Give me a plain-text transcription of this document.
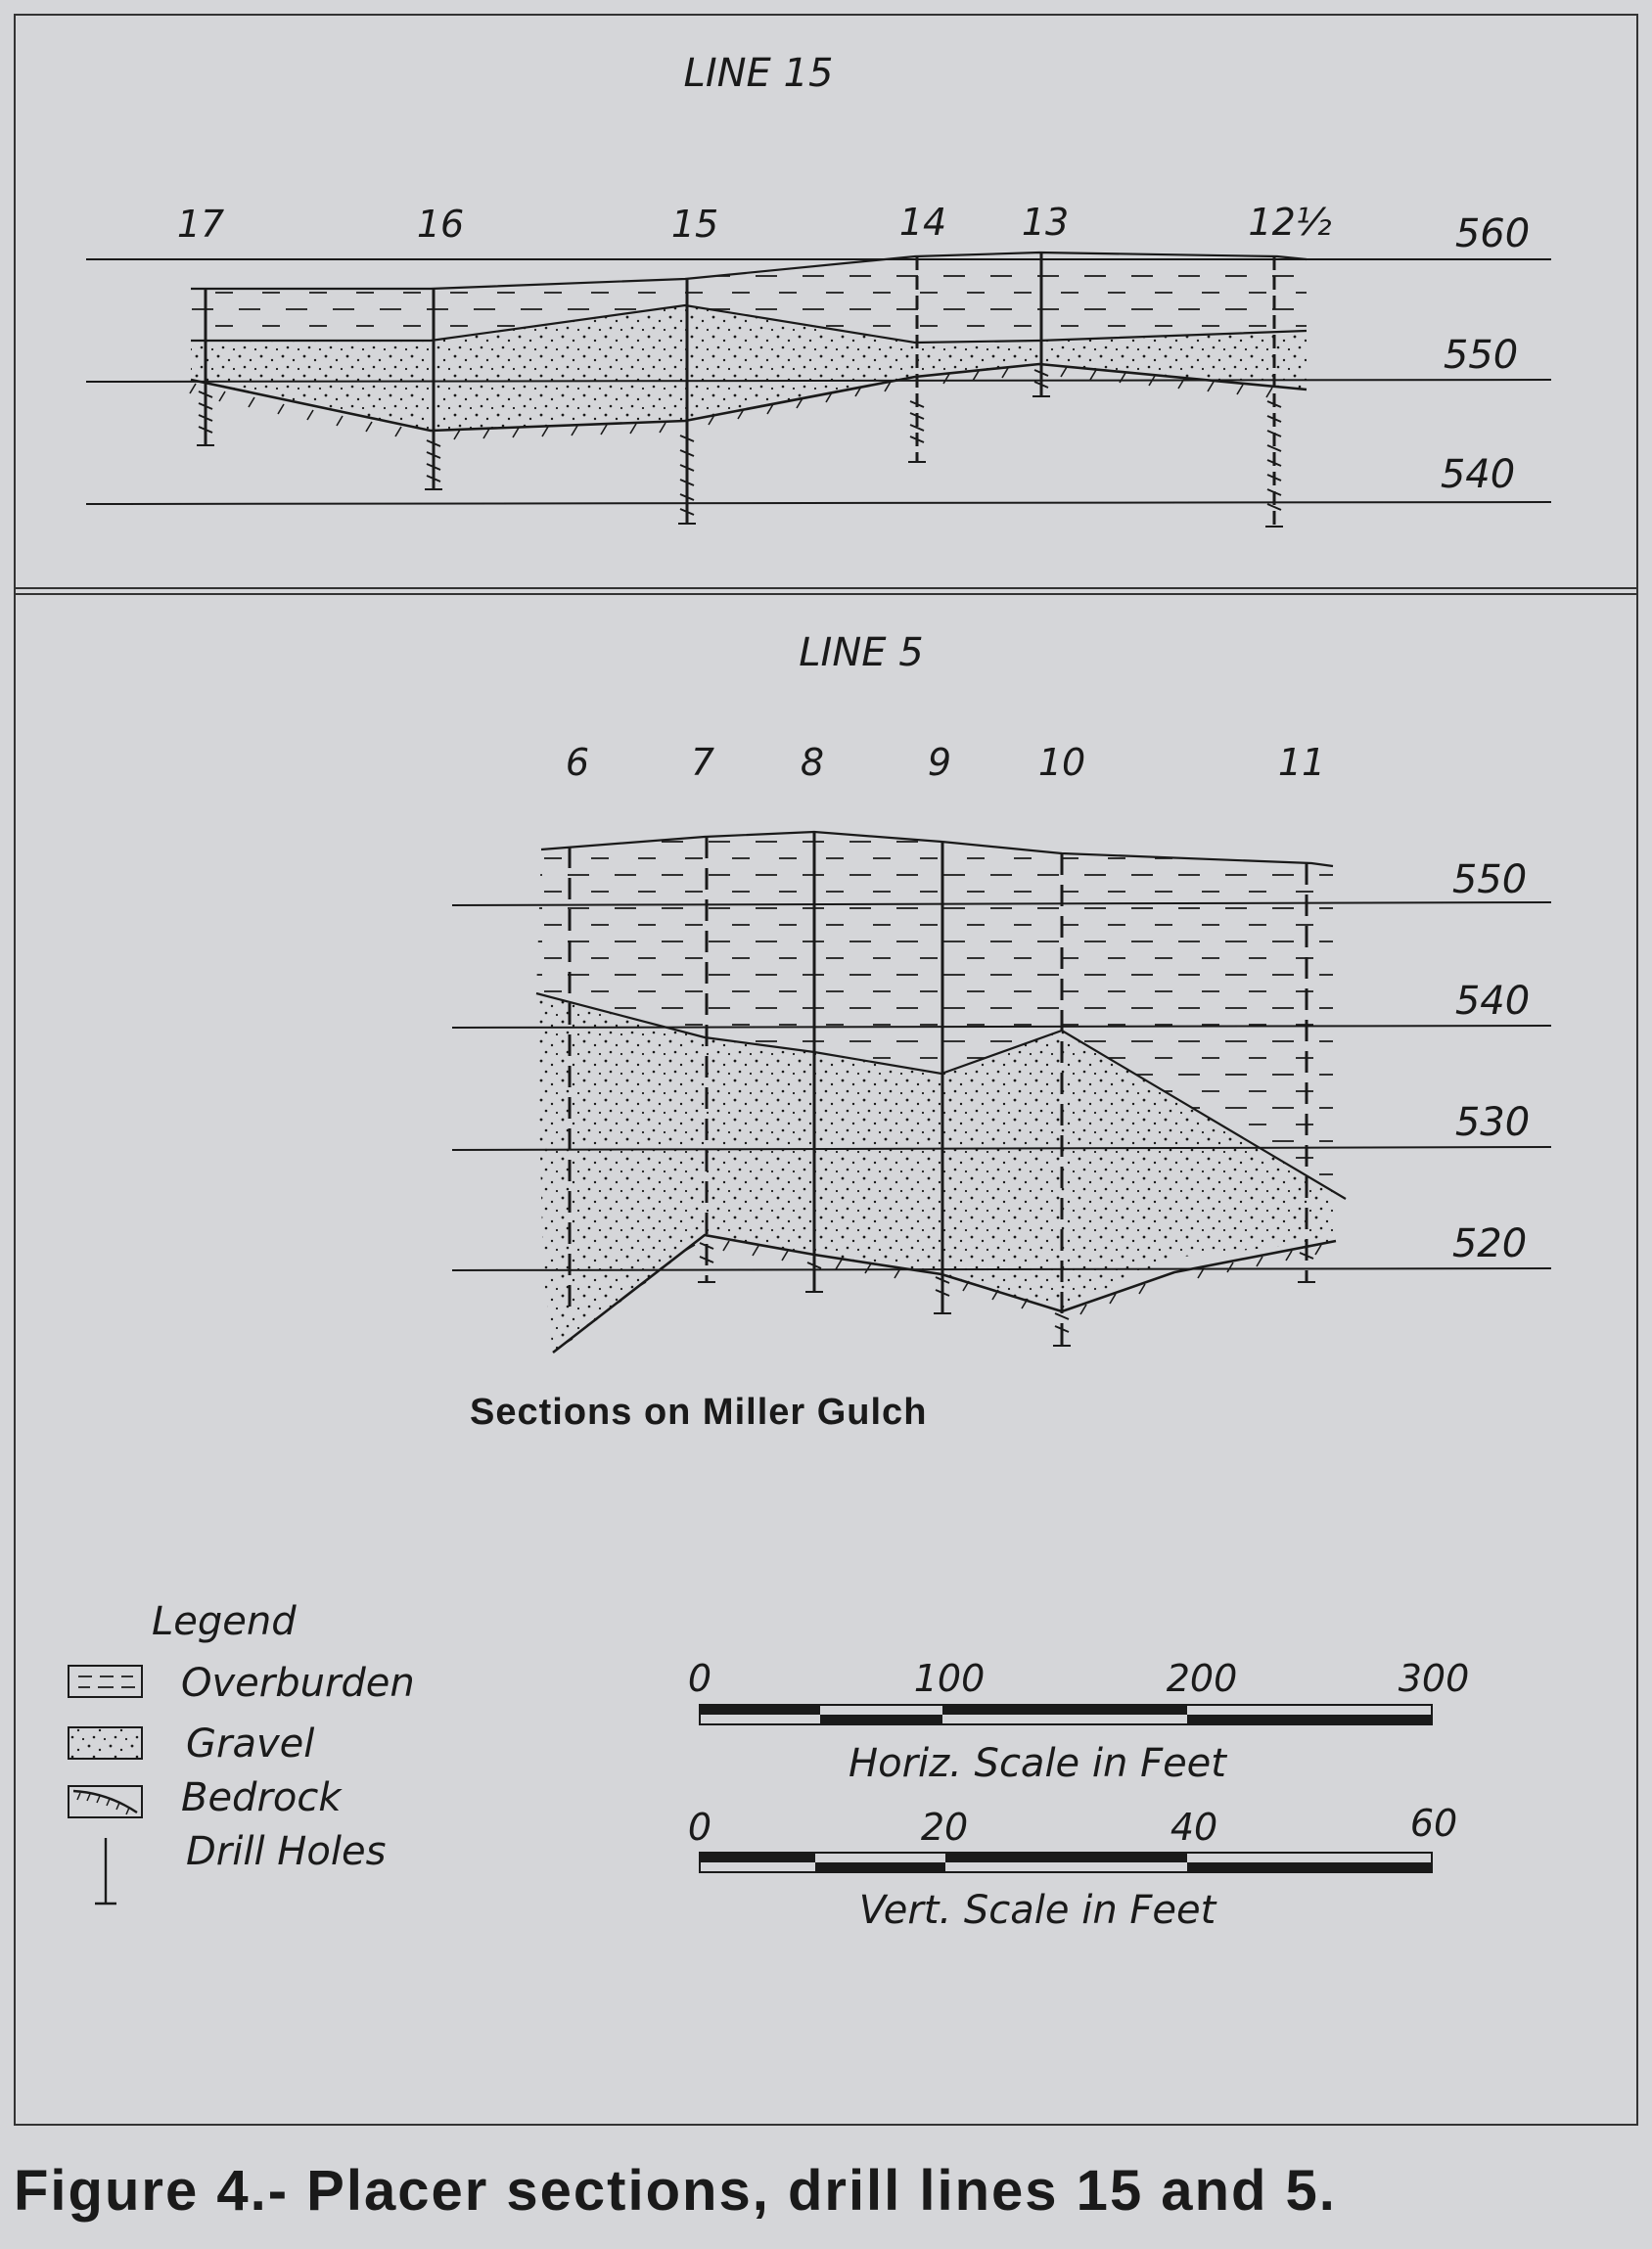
LINE 15
17	16	15	14 13	12½	560
550
540
LINE 5
6	7 8	9 10	11
550
540
530
520
Sections on Miller Gulch
Legend
Overburden
Gravel
Bedrock
Drill Holes
0	100	200	300
Horiz. Scale in Feet
0	20	40	60
Vert. Scale in Feet
Figure 4.- Placer sections, drill lines 15 and 5.
